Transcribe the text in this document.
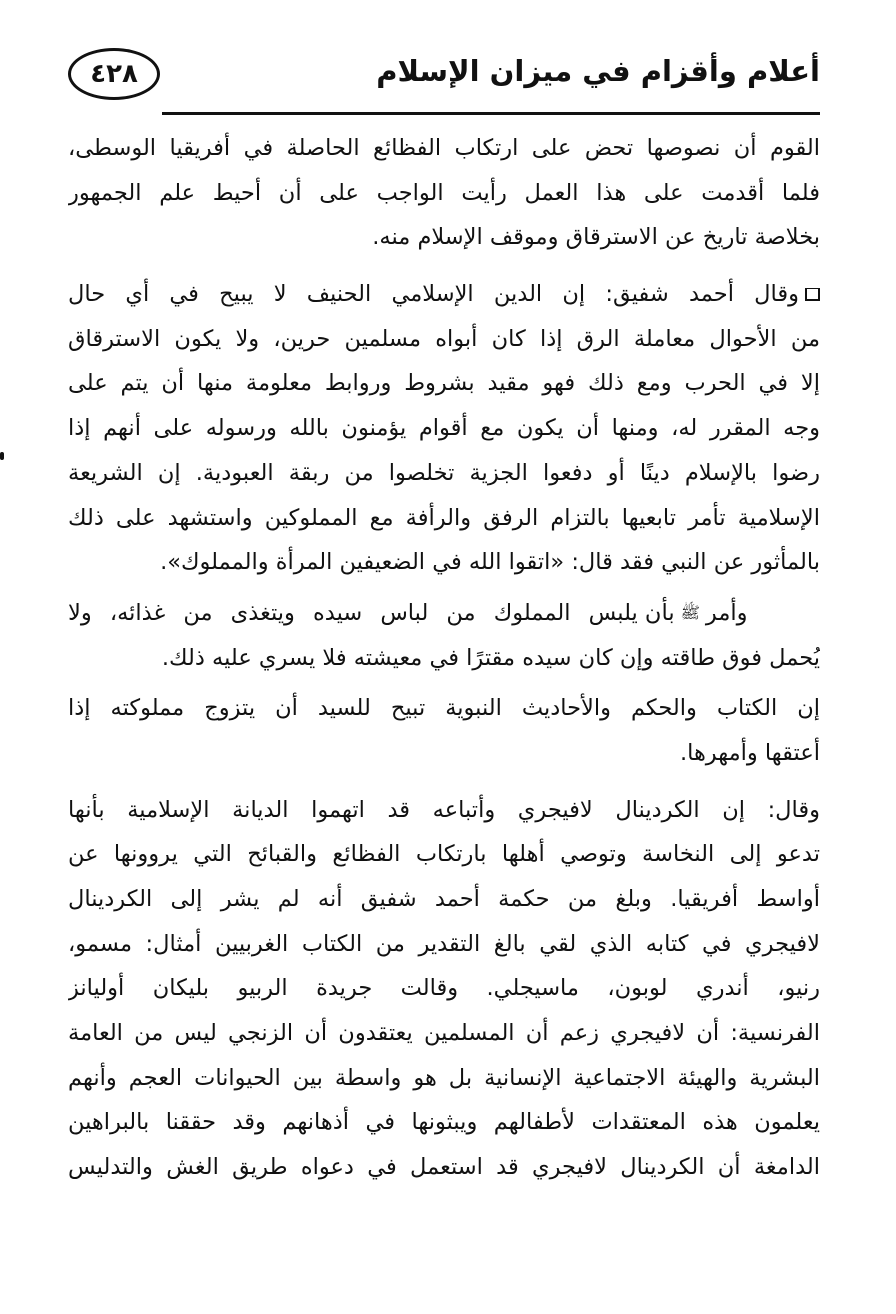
٤٢٨	أعلام وأقزام في ميزان الإسلام
القوم أن نصوصها تحض على ارتكاب الفظائع الحاصلة في أفريقيا الوسطى،
فلما أقدمت على هذا العمل رأيت الواجب على أن أحيط علم الجمهور
بخلاصة تاريخ عن الاسترقاق وموقف الإسلام منه.
وقال أحمد شفيق: إن الدين الإسلامي الحنيف لا يبيح في أي حال
من الأحوال معاملة الرق إذا كان أبواه مسلمين حرين، ولا يكون الاسترقاق
إلا في الحرب ومع ذلك فهو مقيد بشروط وروابط معلومة منها أن يتم على
وجه المقرر له، ومنها أن يكون مع أقوام يؤمنون بالله ورسوله على أنهم إذا
رضوا بالإسلام دينًا أو دفعوا الجزية تخلصوا من ربقة العبودية. إن الشريعة
الإسلامية تأمر تابعيها بالتزام الرفق والرأفة مع المملوكين واستشهد على ذلك
بالمأثور عن النبي فقد قال: «اتقوا الله في الضعيفين المرأة والمملوك».
وأمرﷺبأن يلبس المملوك من لباس سيده ويتغذى من غذائه، ولا
يُحمل فوق طاقته وإن كان سيده مقترًا في معيشته فلا يسري عليه ذلك.
إن الكتاب والحكم والأحاديث النبوية تبيح للسيد أن يتزوج مملوكته إذا
أعتقها وأمهرها.
وقال: إن الكردينال لافيجري وأتباعه قد اتهموا الديانة الإسلامية بأنها
تدعو إلى النخاسة وتوصي أهلها بارتكاب الفظائع والقبائح التي يروونها عن
أواسط أفريقيا. وبلغ من حكمة أحمد شفيق أنه لم يشر إلى الكردينال
لافيجري في كتابه الذي لقي بالغ التقدير من الكتاب الغربيين أمثال: مسمو،
رنيو، أندري لوبون، ماسيجلي. وقالت جريدة الربيو بليكان أوليانز
الفرنسية: أن لافيجري زعم أن المسلمين يعتقدون أن الزنجي ليس من العامة
البشرية والهيئة الاجتماعية الإنسانية بل هو واسطة بين الحيوانات العجم وأنهم
يعلمون هذه المعتقدات لأطفالهم ويبثونها في أذهانهم وقد حققنا بالبراهين
الدامغة أن الكردينال لافيجري قد استعمل في دعواه طريق الغش والتدليس
